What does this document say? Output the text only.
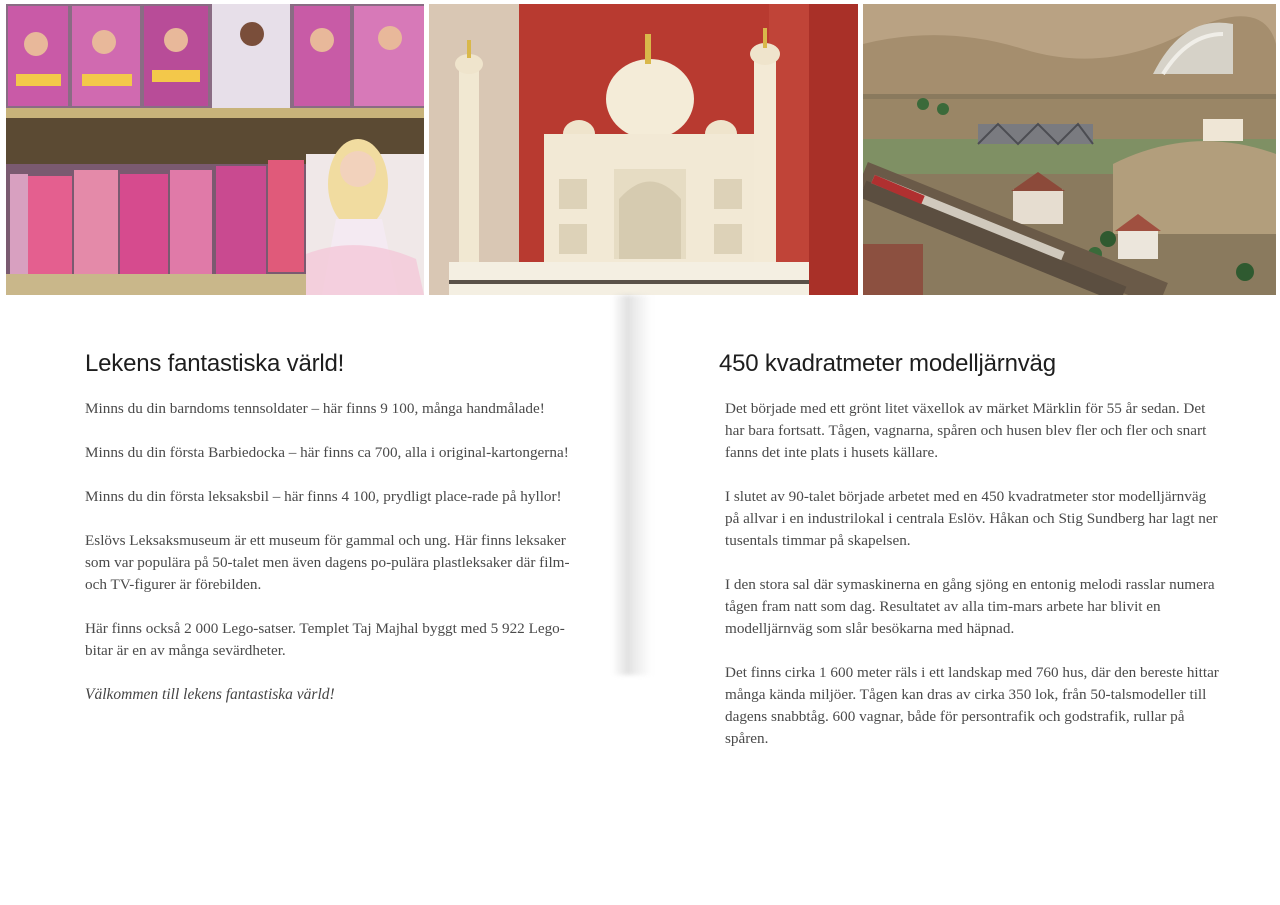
Lekens fantastiska värld!

Minns du din barndoms tennsoldater – här finns 9 100, många handmålade!

Minns du din första Barbiedocka – här finns ca 700, alla i original-kartongerna!

Minns du din första leksaksbil – här finns 4 100, prydligt place-rade på hyllor!

Eslövs Leksaksmuseum är ett museum för gammal och ung. Här finns leksaker som var populära på 50-talet men även dagens po-pulära plastleksaker där film- och TV-figurer är förebilden.

Här finns också 2 000 Lego-satser. Templet Taj Majhal byggt med 5 922 Lego-bitar är en av många sevärdheter.

Välkommen till lekens fantastiska värld!

450 kvadratmeter modelljärnväg

Det började med ett grönt litet växellok av märket Märklin för 55 år sedan. Det har bara fortsatt. Tågen, vagnarna, spåren och husen blev fler och fler och snart fanns det inte plats i husets källare.

I slutet av 90-talet började arbetet med en 450 kvadratmeter stor modelljärnväg på allvar i en industrilokal i centrala Eslöv. Håkan och Stig Sundberg har lagt ner tusentals timmar på skapelsen.

I den stora sal där symaskinerna en gång sjöng en entonig melodi rasslar numera tågen fram natt som dag. Resultatet av alla tim-mars arbete har blivit en modelljärnväg som slår besökarna med häpnad.

Det finns cirka 1 600 meter räls i ett landskap med 760 hus, där den bereste hittar många kända miljöer. Tågen kan dras av cirka 350 lok, från 50-talsmodeller till dagens snabbtåg. 600 vagnar, både för persontrafik och godstrafik, rullar på spåren.
